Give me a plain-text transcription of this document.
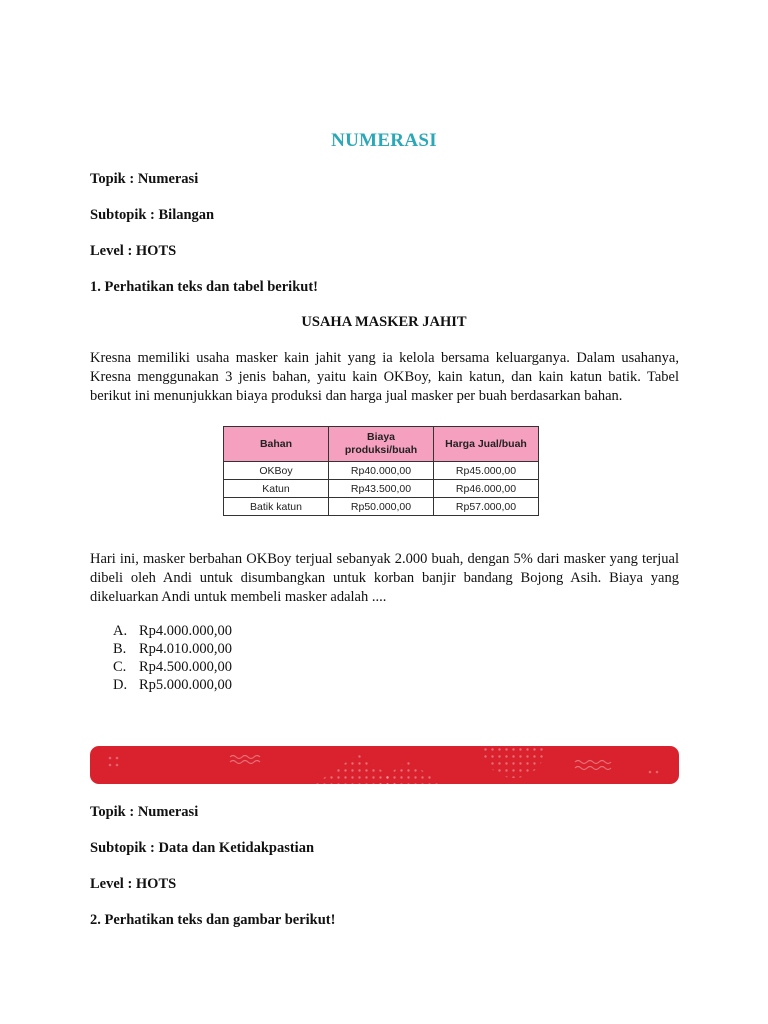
NUMERASI
Topik : Numerasi
Subtopik : Bilangan
Level : HOTS
1. Perhatikan teks dan tabel berikut!
USAHA MASKER JAHIT
Kresna memiliki usaha masker kain jahit yang ia kelola bersama keluarganya. Dalam usahanya, Kresna menggunakan 3 jenis bahan, yaitu kain OKBoy, kain katun, dan kain katun batik. Tabel berikut ini menunjukkan biaya produksi dan harga jual masker per buah berdasarkan bahan.
Bahan	Biaya produksi/buah	Harga Jual/buah
OKBoy	Rp40.000,00	Rp45.000,00
Katun	Rp43.500,00	Rp46.000,00
Batik katun	Rp50.000,00	Rp57.000,00
Hari ini, masker berbahan OKBoy terjual sebanyak 2.000 buah, dengan 5% dari masker yang terjual dibeli oleh Andi untuk disumbangkan untuk korban banjir bandang Bojong Asih. Biaya yang dikeluarkan Andi untuk membeli masker adalah ....
A. Rp4.000.000,00
B. Rp4.010.000,00
C. Rp4.500.000,00
D. Rp5.000.000,00
Topik : Numerasi
Subtopik : Data dan Ketidakpastian
Level : HOTS
2. Perhatikan teks dan gambar berikut!
